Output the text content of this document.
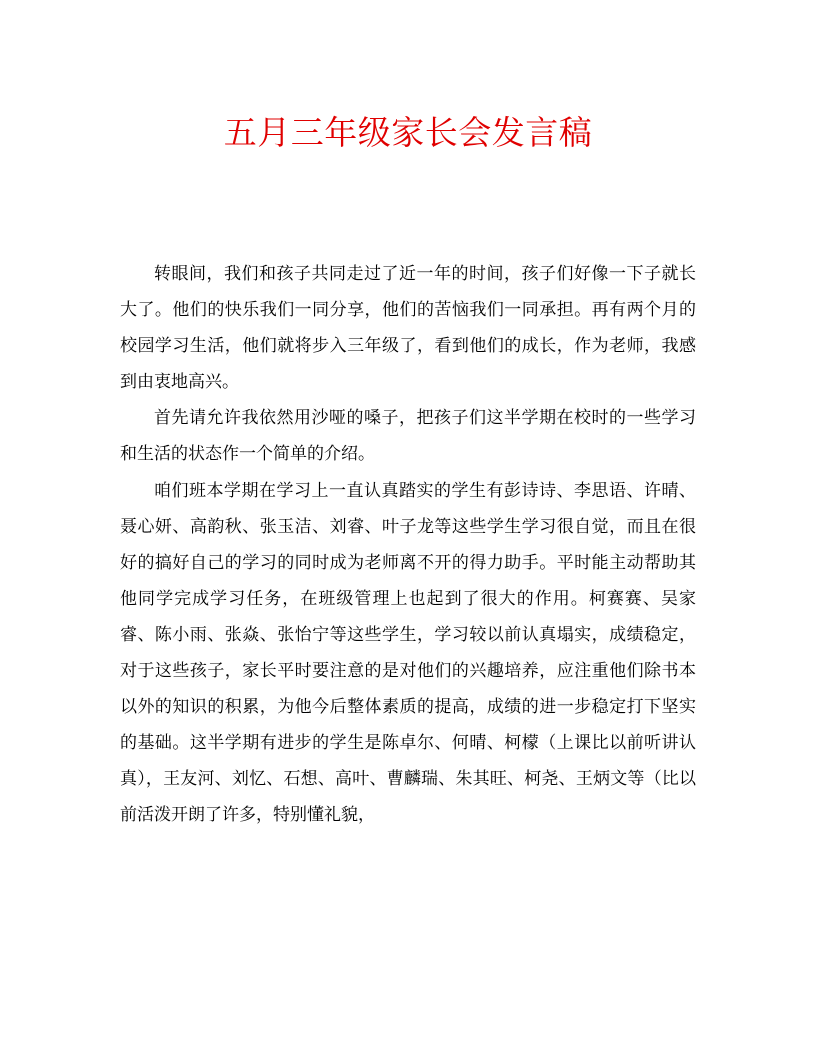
五月三年级家长会发言稿

转眼间，我们和孩子共同走过了近一年的时间，孩子们好像一下子就长大了。他们的快乐我们一同分享，他们的苦恼我们一同承担。再有两个月的校园学习生活，他们就将步入三年级了，看到他们的成长，作为老师，我感到由衷地高兴。

首先请允许我依然用沙哑的嗓子，把孩子们这半学期在校时的一些学习和生活的状态作一个简单的介绍。

咱们班本学期在学习上一直认真踏实的学生有彭诗诗、李思语、许晴、聂心妍、高韵秋、张玉洁、刘睿、叶子龙等这些学生学习很自觉，而且在很好的搞好自己的学习的同时成为老师离不开的得力助手。平时能主动帮助其他同学完成学习任务，在班级管理上也起到了很大的作用。柯赛赛、吴家睿、陈小雨、张焱、张怡宁等这些学生，学习较以前认真塌实，成绩稳定，对于这些孩子，家长平时要注意的是对他们的兴趣培养，应注重他们除书本以外的知识的积累，为他今后整体素质的提高，成绩的进一步稳定打下坚实的基础。这半学期有进步的学生是陈卓尔、何晴、柯檬（上课比以前听讲认真），王友河、刘忆、石想、高叶、曹麟瑞、朱其旺、柯尧、王炳文等（比以前活泼开朗了许多，特别懂礼貌，
